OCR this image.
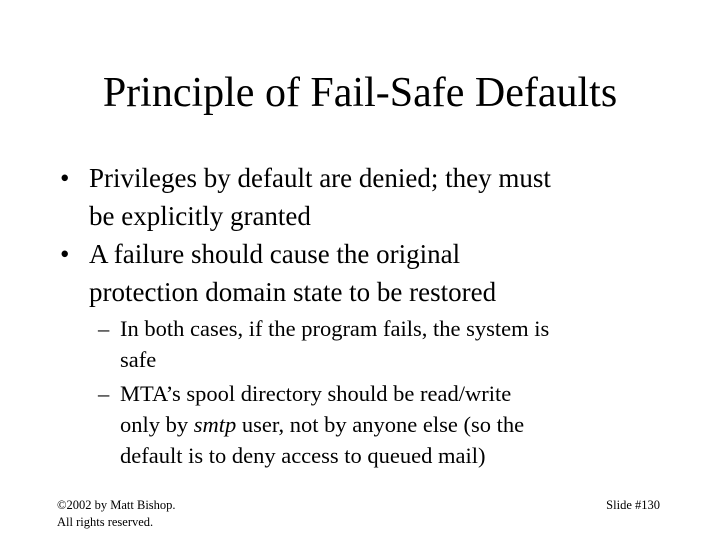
Principle of Fail-Safe Defaults
• Privileges by default are denied; they must
be explicitly granted
• A failure should cause the original
protection domain state to be restored
– In both cases, if the program fails, the system is
safe
– MTA’s spool directory should be read/write
only by smtp user, not by anyone else (so the
default is to deny access to queued mail)
©2002 by Matt Bishop.
All rights reserved.
Slide #130
